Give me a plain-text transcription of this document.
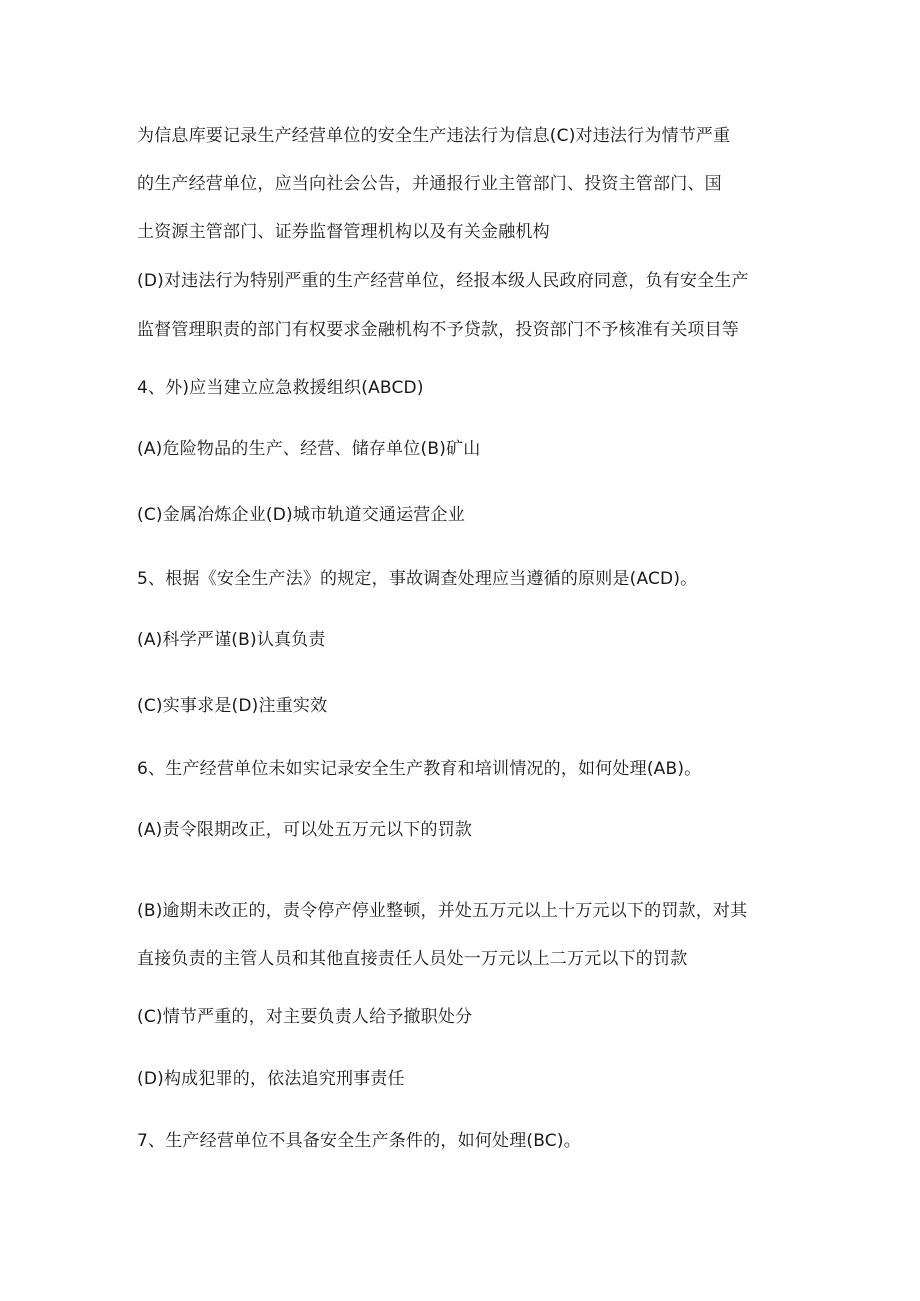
为信息库要记录生产经营单位的安全生产违法行为信息(C)对违法行为情节严重
的生产经营单位，应当向社会公告，并通报行业主管部门、投资主管部门、国
土资源主管部门、证券监督管理机构以及有关金融机构
(D)对违法行为特别严重的生产经营单位，经报本级人民政府同意，负有安全生产
监督管理职责的部门有权要求金融机构不予贷款，投资部门不予核准有关项目等
4、外)应当建立应急救援组织(ABCD)
(A)危险物品的生产、经营、储存单位(B)矿山
(C)金属冶炼企业(D)城市轨道交通运营企业
5、根据《安全生产法》的规定，事故调查处理应当遵循的原则是(ACD)。
(A)科学严谨(B)认真负责
(C)实事求是(D)注重实效
6、生产经营单位未如实记录安全生产教育和培训情况的，如何处理(AB)。
(A)责令限期改正，可以处五万元以下的罚款
(B)逾期未改正的，责令停产停业整顿，并处五万元以上十万元以下的罚款，对其
直接负责的主管人员和其他直接责任人员处一万元以上二万元以下的罚款
(C)情节严重的，对主要负责人给予撤职处分
(D)构成犯罪的，依法追究刑事责任
7、生产经营单位不具备安全生产条件的，如何处理(BC)。
